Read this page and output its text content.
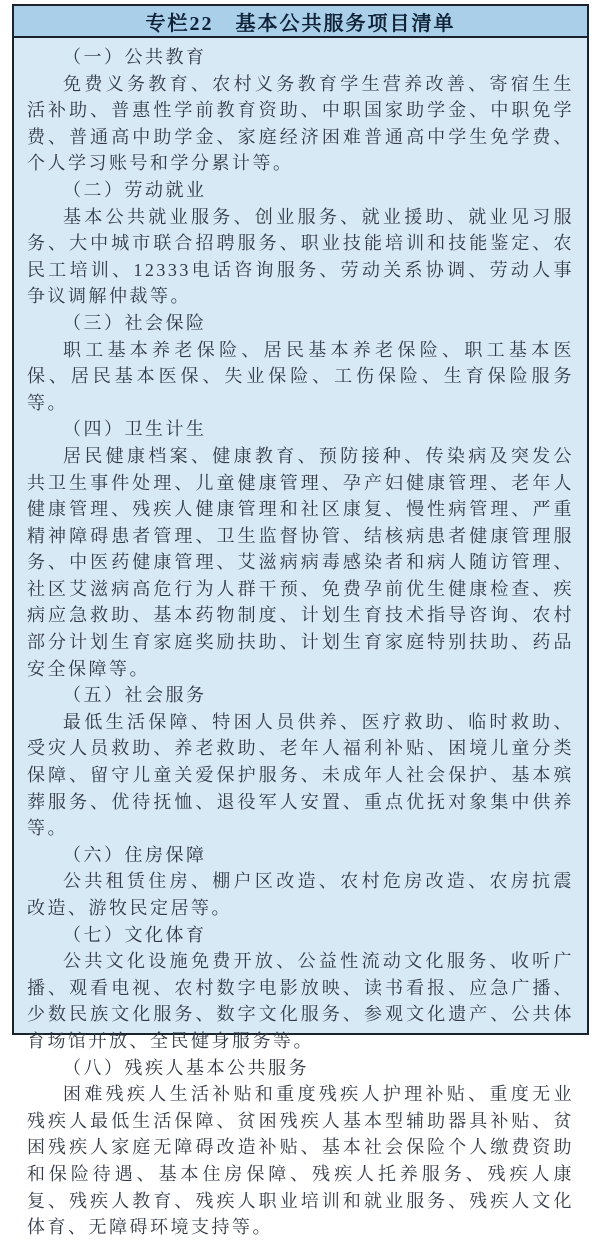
专栏22　基本公共服务项目清单

（一）公共教育

免费义务教育、农村义务教育学生营养改善、寄宿生生活补助、普惠性学前教育资助、中职国家助学金、中职免学费、普通高中助学金、家庭经济困难普通高中学生免学费、个人学习账号和学分累计等。

（二）劳动就业

基本公共就业服务、创业服务、就业援助、就业见习服务、大中城市联合招聘服务、职业技能培训和技能鉴定、农民工培训、12333电话咨询服务、劳动关系协调、劳动人事争议调解仲裁等。

（三）社会保险

职工基本养老保险、居民基本养老保险、职工基本医保、居民基本医保、失业保险、工伤保险、生育保险服务等。

（四）卫生计生

居民健康档案、健康教育、预防接种、传染病及突发公共卫生事件处理、儿童健康管理、孕产妇健康管理、老年人健康管理、残疾人健康管理和社区康复、慢性病管理、严重精神障碍患者管理、卫生监督协管、结核病患者健康管理服务、中医药健康管理、艾滋病病毒感染者和病人随访管理、社区艾滋病高危行为人群干预、免费孕前优生健康检查、疾病应急救助、基本药物制度、计划生育技术指导咨询、农村部分计划生育家庭奖励扶助、计划生育家庭特别扶助、药品安全保障等。

（五）社会服务

最低生活保障、特困人员供养、医疗救助、临时救助、受灾人员救助、养老救助、老年人福利补贴、困境儿童分类保障、留守儿童关爱保护服务、未成年人社会保护、基本殡葬服务、优待抚恤、退役军人安置、重点优抚对象集中供养等。

（六）住房保障

公共租赁住房、棚户区改造、农村危房改造、农房抗震改造、游牧民定居等。

（七）文化体育

公共文化设施免费开放、公益性流动文化服务、收听广播、观看电视、农村数字电影放映、读书看报、应急广播、少数民族文化服务、数字文化服务、参观文化遗产、公共体育场馆开放、全民健身服务等。

（八）残疾人基本公共服务

困难残疾人生活补贴和重度残疾人护理补贴、重度无业残疾人最低生活保障、贫困残疾人基本型辅助器具补贴、贫困残疾人家庭无障碍改造补贴、基本社会保险个人缴费资助和保险待遇、基本住房保障、残疾人托养服务、残疾人康复、残疾人教育、残疾人职业培训和就业服务、残疾人文化体育、无障碍环境支持等。
